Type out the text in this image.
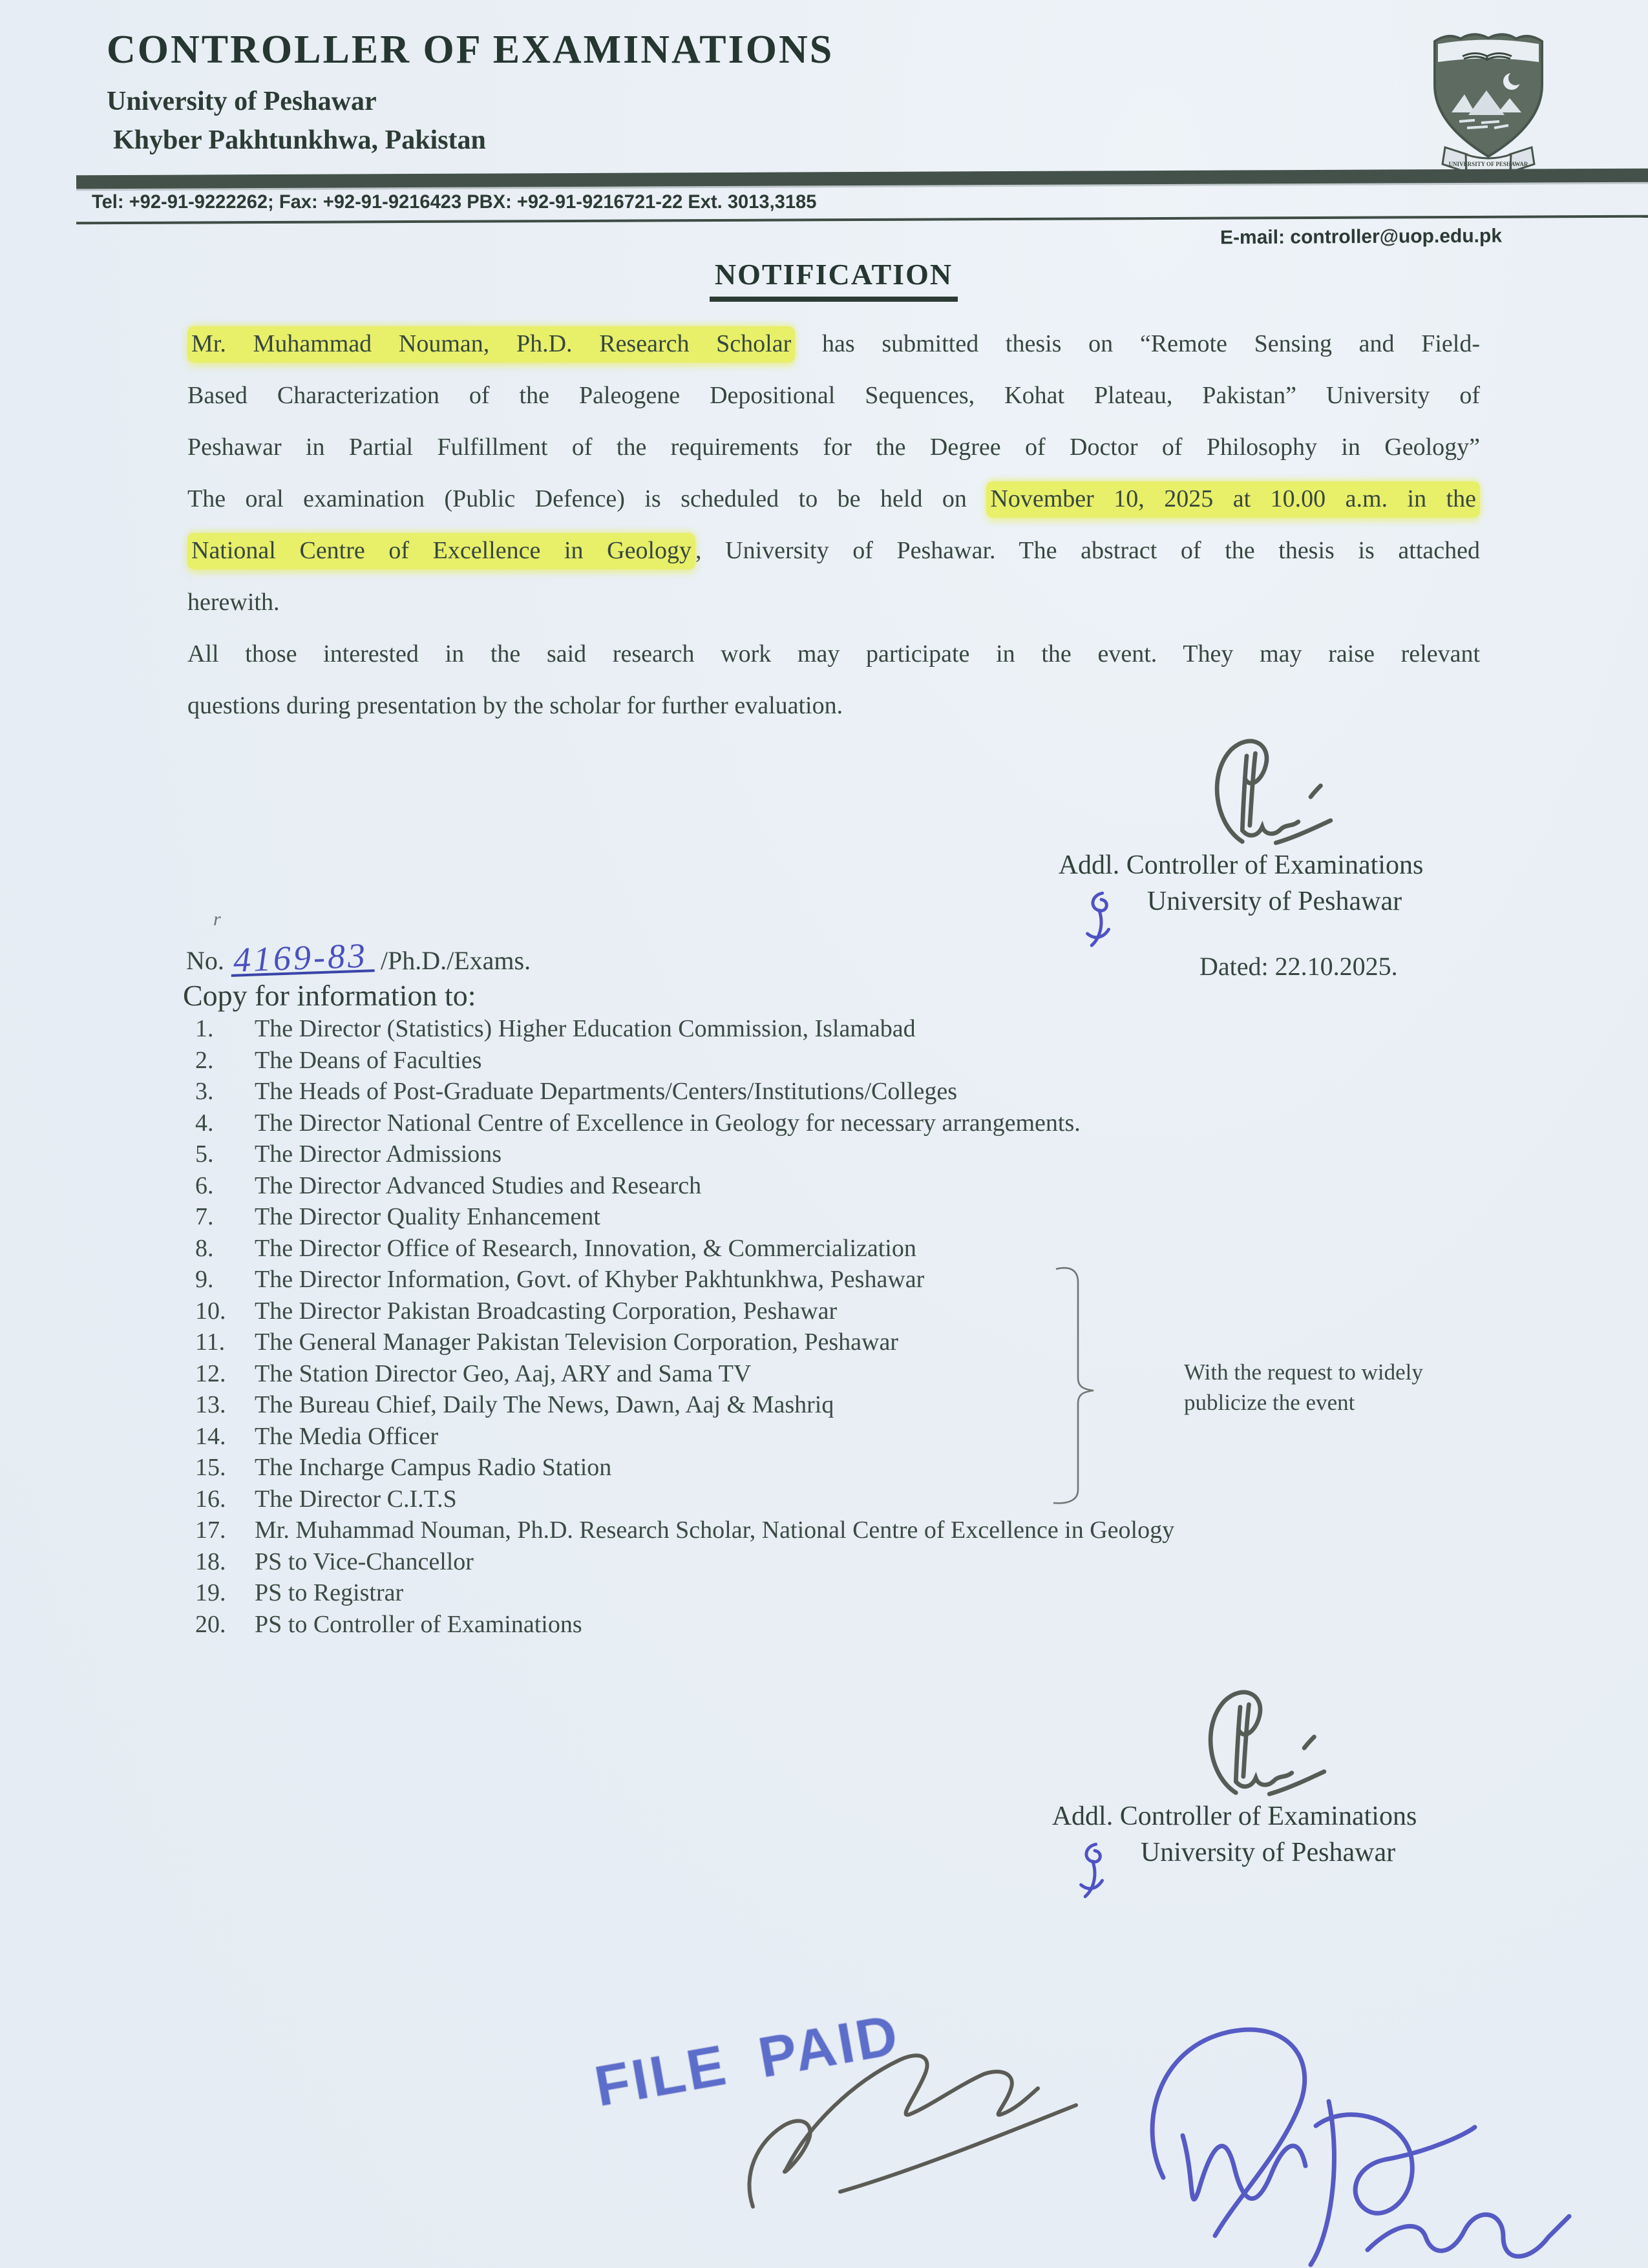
CONTROLLER OF EXAMINATIONS
University of Peshawar
Khyber Pakhtunkhwa, Pakistan
UNIVERSITY OF PESHAWAR
Tel: +92-91-9222262; Fax: +92-91-9216423 PBX: +92-91-9216721-22 Ext. 3013,3185
E-mail: controller@uop.edu.pk
NOTIFICATION
Mr. Muhammad Nouman, Ph.D. Research Scholar has submitted thesis on “Remote Sensing and Field-
Based Characterization of the Paleogene Depositional Sequences, Kohat Plateau, Pakistan” University of
Peshawar in Partial Fulfillment of the requirements for the Degree of Doctor of Philosophy in Geology”
The oral examination (Public Defence) is scheduled to be held on November 10, 2025 at 10.00 a.m. in the
National Centre of Excellence in Geology , University of Peshawar. The abstract of the thesis is attached
herewith.
All those interested in the said research work may participate in the event. They may raise relevant
questions during presentation by the scholar for further evaluation.
Addl. Controller of Examinations
University of Peshawar
r
No. 4169-83 /Ph.D./Exams.	Dated: 22.10.2025.
Copy for information to:
1.	The Director (Statistics) Higher Education Commission, Islamabad
2.	The Deans of Faculties
3.	The Heads of Post-Graduate Departments/Centers/Institutions/Colleges
4.	The Director National Centre of Excellence in Geology for necessary arrangements.
5.	The Director Admissions
6.	The Director Advanced Studies and Research
7.	The Director Quality Enhancement
8.	The Director Office of Research, Innovation, & Commercialization
9.	The Director Information, Govt. of Khyber Pakhtunkhwa, Peshawar
10.	The Director Pakistan Broadcasting Corporation, Peshawar
11.	The General Manager Pakistan Television Corporation, Peshawar
12.	The Station Director Geo, Aaj, ARY and Sama TV
13.	The Bureau Chief, Daily The News, Dawn, Aaj & Mashriq
14.	The Media Officer
15.	The Incharge Campus Radio Station
16.	The Director C.I.T.S
17.	Mr. Muhammad Nouman, Ph.D. Research Scholar, National Centre of Excellence in Geology
18.	PS to Vice-Chancellor
19.	PS to Registrar
20.	PS to Controller of Examinations
With the request to widely
publicize the event
Addl. Controller of Examinations
University of Peshawar
FILE PAID
